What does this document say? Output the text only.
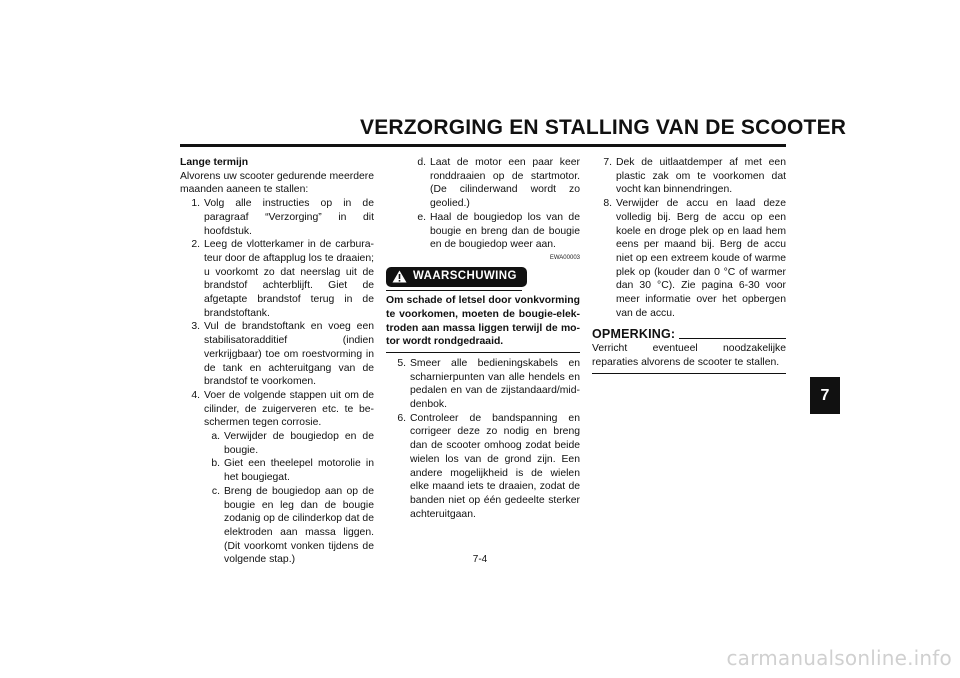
VERZORGING EN STALLING VAN DE SCOOTER

Lange termijn

Alvorens uw scooter gedurende meerdere maanden aaneen te stallen:

1. Volg alle instructies op in de paragraaf “Verzorging” in dit hoofdstuk.
2. Leeg de vlotterkamer in de carburateur door de aftapplug los te draaien; u voorkomt zo dat neerslag uit de brandstof achterblijft. Giet de afgetapte brandstof terug in de brandstoftank.
3. Vul de brandstoftank en voeg een stabilisatoradditief (indien verkrijgbaar) toe om roestvorming in de tank en achteruitgang van de brandstof te voorkomen.
4. Voer de volgende stappen uit om de cilinder, de zuigerveren etc. te beschermen tegen corrosie.
a. Verwijder de bougiedop en de bougie.
b. Giet een theelepel motorolie in het bougiegat.
c. Breng de bougiedop aan op de bougie en leg dan de bougie zodanig op de cilinderkop dat de elektroden aan massa liggen. (Dit voorkomt vonken tijdens de volgende stap.)
d. Laat de motor een paar keer ronddraaien op de startmotor. (De cilinderwand wordt zo geolied.)
e. Haal de bougiedop los van de bougie en breng dan de bougie en de bougiedop weer aan.
EWA00003
WAARSCHUWING

Om schade of letsel door vonkvorming te voorkomen, moeten de bougie-elektroden aan massa liggen terwijl de motor wordt rondgedraaid.

5. Smeer alle bedieningskabels en scharnierpunten van alle hendels en pedalen en van de zijstandaard/middenbok.
6. Controleer de bandspanning en corrigeer deze zo nodig en breng dan de scooter omhoog zodat beide wielen los van de grond zijn. Een andere mogelijkheid is de wielen elke maand iets te draaien, zodat de banden niet op één gedeelte sterker achteruitgaan.
7. Dek de uitlaatdemper af met een plastic zak om te voorkomen dat vocht kan binnendringen.
8. Verwijder de accu en laad deze volledig bij. Berg de accu op een koele en droge plek op en laad hem eens per maand bij. Berg de accu niet op een extreem koude of warme plek op (kouder dan 0 °C of warmer dan 30 °C). Zie pagina 6-30 voor meer informatie over het opbergen van de accu.
OPMERKING:

Verricht eventueel noodzakelijke reparaties alvorens de scooter te stallen.

7
7-4
carmanualsonline.info
